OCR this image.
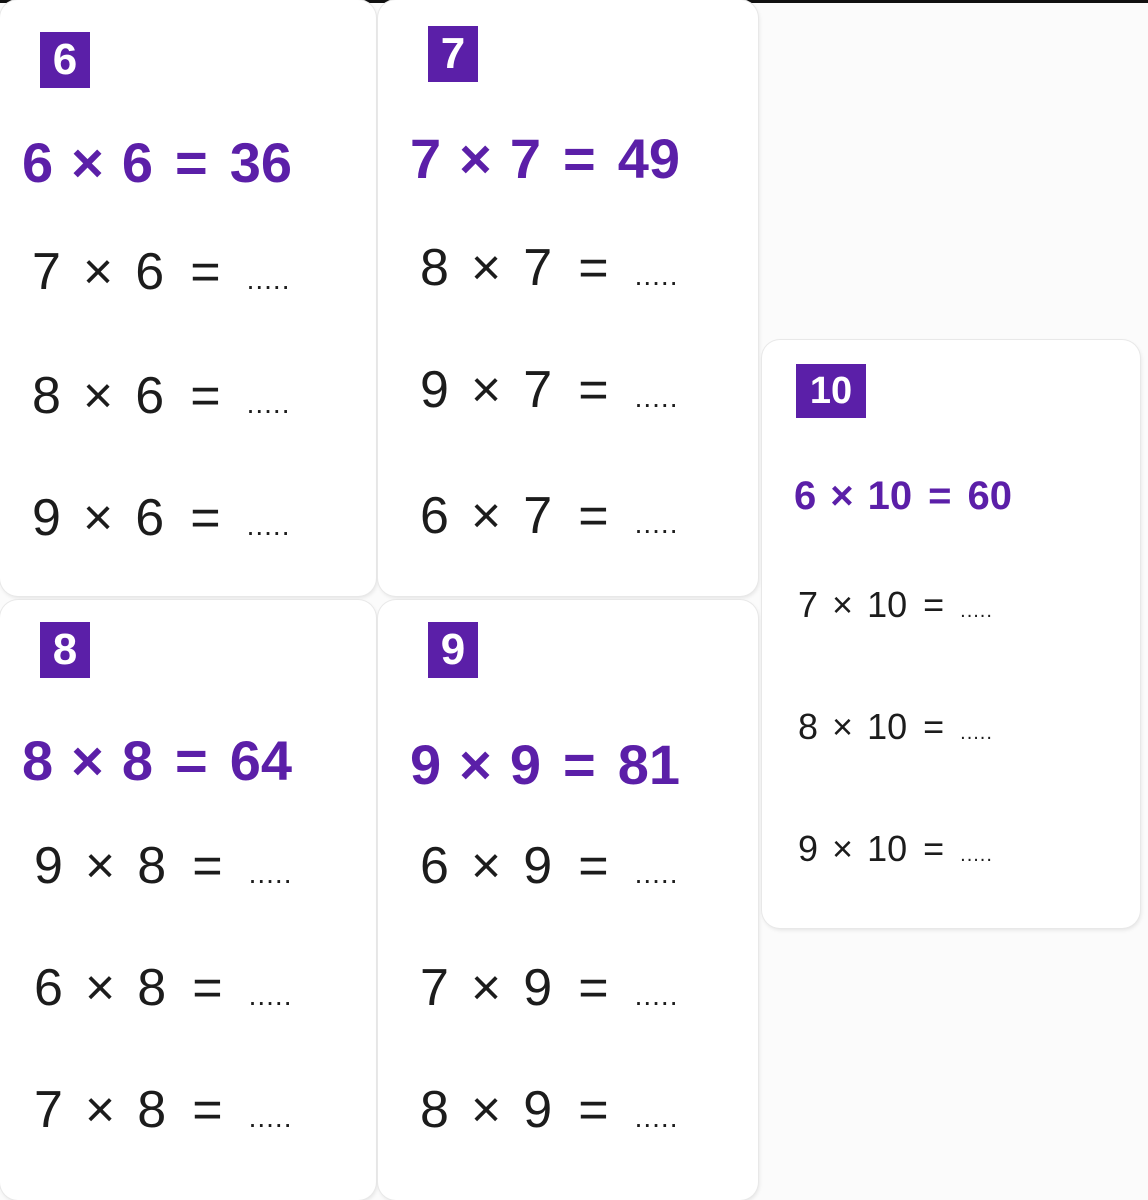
6
6 × 6 = 36
7 × 6 = .....
8 × 6 = .....
9 × 6 = .....
7
7 × 7 = 49
8 × 7 = .....
9 × 7 = .....
6 × 7 = .....
8
8 × 8 = 64
9 × 8 = .....
6 × 8 = .....
7 × 8 = .....
9
9 × 9 = 81
6 × 9 = .....
7 × 9 = .....
8 × 9 = .....
10
6 × 10 = 60
7 × 10 = .....
8 × 10 = .....
9 × 10 = .....
